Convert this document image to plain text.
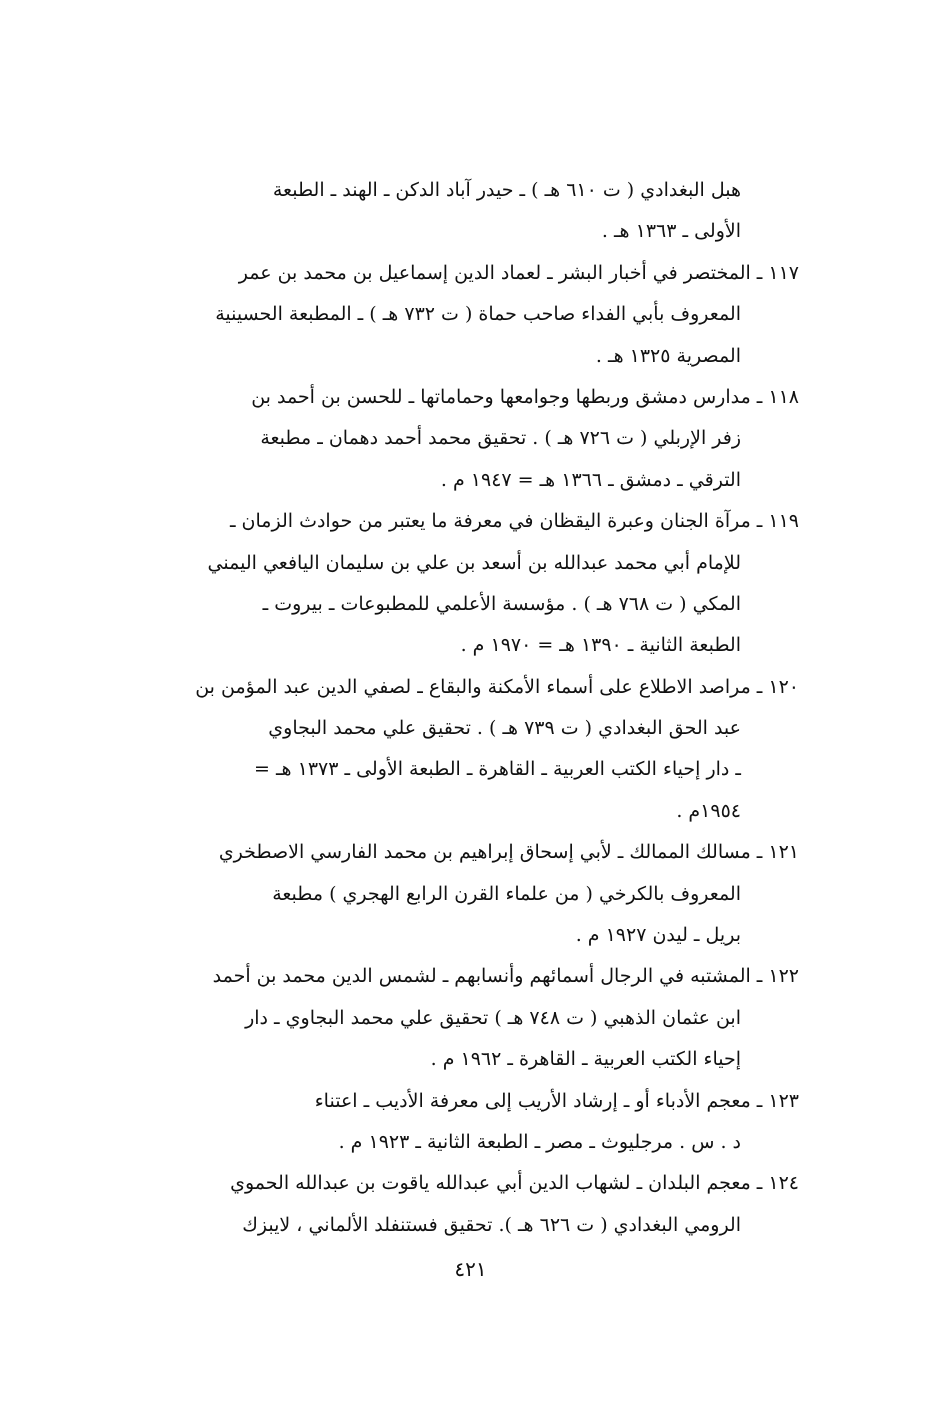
هبل البغدادي ( ت ٦١٠ هـ ) ـ حيدر آباد الدكن ـ الهند ـ الطبعة
الأولى ـ ١٣٦٣ هـ .
١١٧ـ المختصر في أخبار البشر ـ لعماد الدين إسماعيل بن محمد بن عمر
المعروف بأبي الفداء صاحب حماة ( ت ٧٣٢ هـ ) ـ المطبعة الحسينية
المصرية ١٣٢٥ هـ .
١١٨ـ مدارس دمشق وربطها وجوامعها وحماماتها ـ للحسن بن أحمد بن
زفر الإربلي ( ت ٧٢٦ هـ ) . تحقيق محمد أحمد دهمان ـ مطبعة
الترقي ـ دمشق ـ ١٣٦٦ هـ = ١٩٤٧ م .
١١٩ـ مرآة الجنان وعبرة اليقظان في معرفة ما يعتبر من حوادث الزمان ـ
للإمام أبي محمد عبدالله بن أسعد بن علي بن سليمان اليافعي اليمني
المكي ( ت ٧٦٨ هـ ) . مؤسسة الأعلمي للمطبوعات ـ بيروت ـ
الطبعة الثانية ـ ١٣٩٠ هـ = ١٩٧٠ م .
١٢٠ـ مراصد الاطلاع على أسماء الأمكنة والبقاع ـ لصفي الدين عبد المؤمن بن
عبد الحق البغدادي ( ت ٧٣٩ هـ ) . تحقيق علي محمد البجاوي
ـ دار إحياء الكتب العربية ـ القاهرة ـ الطبعة الأولى ـ ١٣٧٣ هـ =
١٩٥٤م .
١٢١ـ مسالك الممالك ـ لأبي إسحاق إبراهيم بن محمد الفارسي الاصطخري
المعروف بالكرخي ( من علماء القرن الرابع الهجري ) مطبعة
بريل ـ ليدن ١٩٢٧ م .
١٢٢ـ المشتبه في الرجال أسمائهم وأنسابهم ـ لشمس الدين محمد بن أحمد
ابن عثمان الذهبي ( ت ٧٤٨ هـ ) تحقيق علي محمد البجاوي ـ دار
إحياء الكتب العربية ـ القاهرة ـ ١٩٦٢ م .
١٢٣ـ معجم الأدباء أو ـ إرشاد الأريب إلى معرفة الأديب ـ اعتناء
د . س . مرجليوث ـ مصر ـ الطبعة الثانية ـ ١٩٢٣ م .
١٢٤ـ معجم البلدان ـ لشهاب الدين أبي عبدالله ياقوت بن عبدالله الحموي
الرومي البغدادي ( ت ٦٢٦ هـ ). تحقيق فستنفلد الألماني ، لايبزك
٤٢١
